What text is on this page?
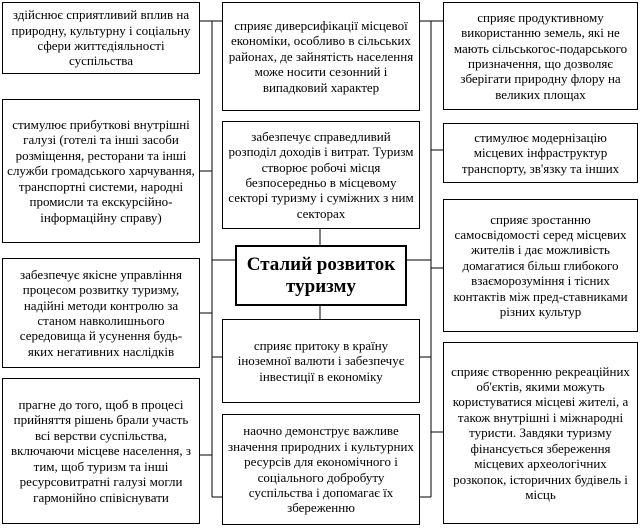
здійснює сприятливий вплив на природну, культурну і соціальну сфери життєдіяльності суспільства
стимулює прибуткові внутрішні галузі (готелі та інші засоби розміщення, ресторани та інші служби громадського харчування, транспортні системи, народні промисли та екскурсійно-інформаційну справу)
забезпечує якісне управління процесом розвитку туризму, надійні методи контролю за станом навколишнього середовища й усунення будь-яких негативних наслідків
прагне до того, щоб в процесі прийняття рішень брали участь всі верстви суспільства, включаючи місцеве населення, з тим, щоб туризм та інші ресурсовитратні галузі могли гармонійно співіснувати
сприяє диверсифікації місцевої економіки, особливо в сільських районах, де зайнятість населення може носити сезонний і випадковий характер
забезпечує справедливий розподіл доходів і витрат. Туризм створює робочі місця безпосередньо в місцевому секторі туризму і суміжних з ним секторах
Сталий розвиток туризму
сприяє притоку в країну іноземної валюти і забезпечує інвестиції в економіку
наочно демонструє важливе значення природних і культурних ресурсів для економічного і соціального добробуту суспільства і допомагає їх збереженню
сприяє продуктивному використанню земель, які не мають сільськогос-подарського призначення, що дозволяє зберігати природну флору на великих площах
стимулює модернізацію місцевих інфраструктур транспорту, зв'язку та інших
сприяє зростанню самосвідомості серед місцевих жителів і дає можливість домагатися більш глибокого взаєморозуміння і тісних контактів між пред-ставниками різних культур
сприяє створенню рекреаційних об'єктів, якими можуть користуватися місцеві жителі, а також внутрішні і міжнародні туристи. Завдяки туризму фінансується збереження місцевих археологічних розкопок, історичних будівель і місць
